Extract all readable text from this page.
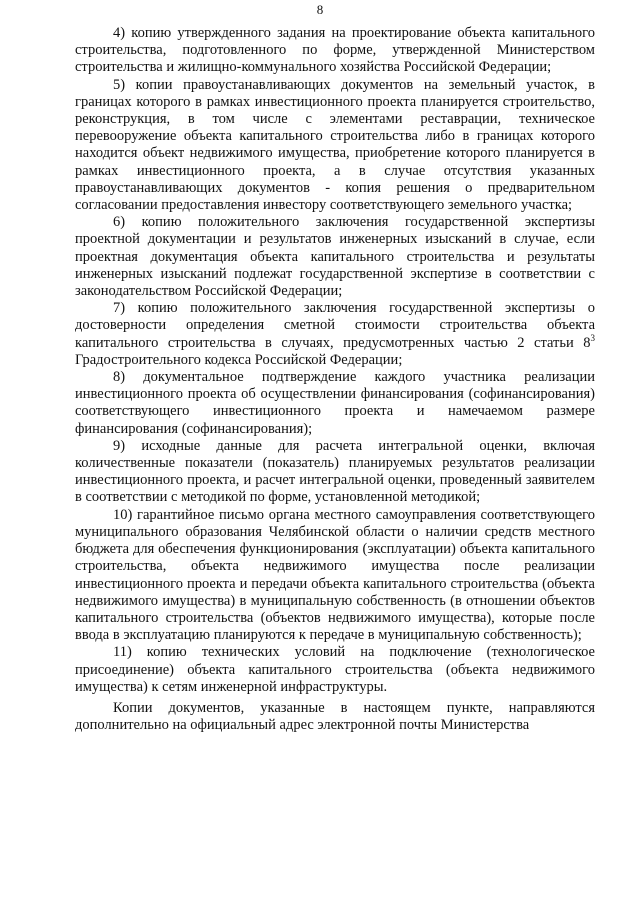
8

4) копию утвержденного задания на проектирование объекта капитального строительства, подготовленного по форме, утвержденной Министерством строительства и жилищно-коммунального хозяйства Российской Федерации;

5) копии правоустанавливающих документов на земельный участок, в границах которого в рамках инвестиционного проекта планируется строительство, реконструкция, в том числе с элементами реставрации, техническое перевооружение объекта капитального строительства либо в границах которого находится объект недвижимого имущества, приобретение которого планируется в рамках инвестиционного проекта, а в случае отсутствия указанных правоустанавливающих документов - копия решения о предварительном согласовании предоставления инвестору соответствующего земельного участка;

6) копию положительного заключения государственной экспертизы проектной документации и результатов инженерных изысканий в случае, если проектная документация объекта капитального строительства и результаты инженерных изысканий подлежат государственной экспертизе в соответствии с законодательством Российской Федерации;

7) копию положительного заключения государственной экспертизы о достоверности определения сметной стоимости строительства объекта капитального строительства в случаях, предусмотренных частью 2 статьи $8^3$ Градостроительного кодекса Российской Федерации;

8) документальное подтверждение каждого участника реализации инвестиционного проекта об осуществлении финансирования (софинансирования) соответствующего инвестиционного проекта и намечаемом размере финансирования (софинансирования);

9) исходные данные для расчета интегральной оценки, включая количественные показатели (показатель) планируемых результатов реализации инвестиционного проекта, и расчет интегральной оценки, проведенный заявителем в соответствии с методикой по форме, установленной методикой;

10) гарантийное письмо органа местного самоуправления соответствующего муниципального образования Челябинской области о наличии средств местного бюджета для обеспечения функционирования (эксплуатации) объекта капитального строительства, объекта недвижимого имущества после реализации инвестиционного проекта и передачи объекта капитального строительства (объекта недвижимого имущества) в муниципальную собственность (в отношении объектов капитального строительства (объектов недвижимого имущества), которые после ввода в эксплуатацию планируются к передаче в муниципальную собственность);

11) копию технических условий на подключение (технологическое присоединение) объекта капитального строительства (объекта недвижимого имущества) к сетям инженерной инфраструктуры.

Копии документов, указанные в настоящем пункте, направляются дополнительно на официальный адрес электронной почты Министерства
